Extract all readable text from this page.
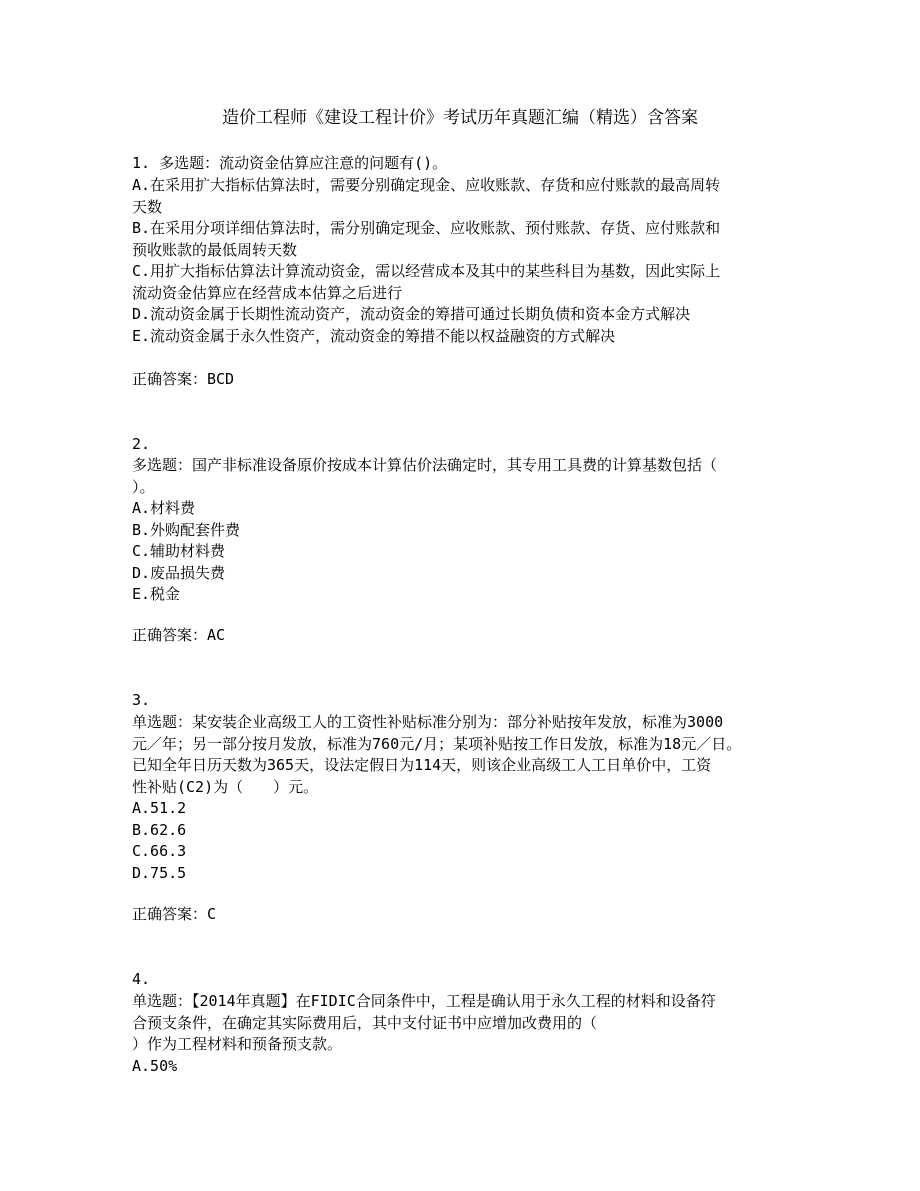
造价工程师《建设工程计价》考试历年真题汇编（精选）含答案
1. 多选题：流动资金估算应注意的问题有()。
A.在采用扩大指标估算法时，需要分别确定现金、应收账款、存货和应付账款的最高周转
天数
B.在采用分项详细估算法时，需分别确定现金、应收账款、预付账款、存货、应付账款和
预收账款的最低周转天数
C.用扩大指标估算法计算流动资金，需以经营成本及其中的某些科目为基数，因此实际上
流动资金估算应在经营成本估算之后进行
D.流动资金属于长期性流动资产，流动资金的筹措可通过长期负债和资本金方式解决
E.流动资金属于永久性资产，流动资金的筹措不能以权益融资的方式解决
正确答案：BCD
2.
多选题：国产非标准设备原价按成本计算估价法确定时，其专用工具费的计算基数包括（
）。
A.材料费
B.外购配套件费
C.辅助材料费
D.废品损失费
E.税金
正确答案：AC
3.
单选题：某安装企业高级工人的工资性补贴标准分别为：部分补贴按年发放，标准为3000
元／年；另一部分按月发放，标准为760元/月；某项补贴按工作日发放，标准为18元／日。
已知全年日历天数为365天，设法定假日为114天，则该企业高级工人工日单价中，工资
性补贴(C2)为（　　）元。
A.51.2
B.62.6
C.66.3
D.75.5
正确答案：C
4.
单选题：【2014年真题】在FIDIC合同条件中，工程是确认用于永久工程的材料和设备符
合预支条件，在确定其实际费用后，其中支付证书中应增加改费用的（
）作为工程材料和预备预支款。
A.50%
